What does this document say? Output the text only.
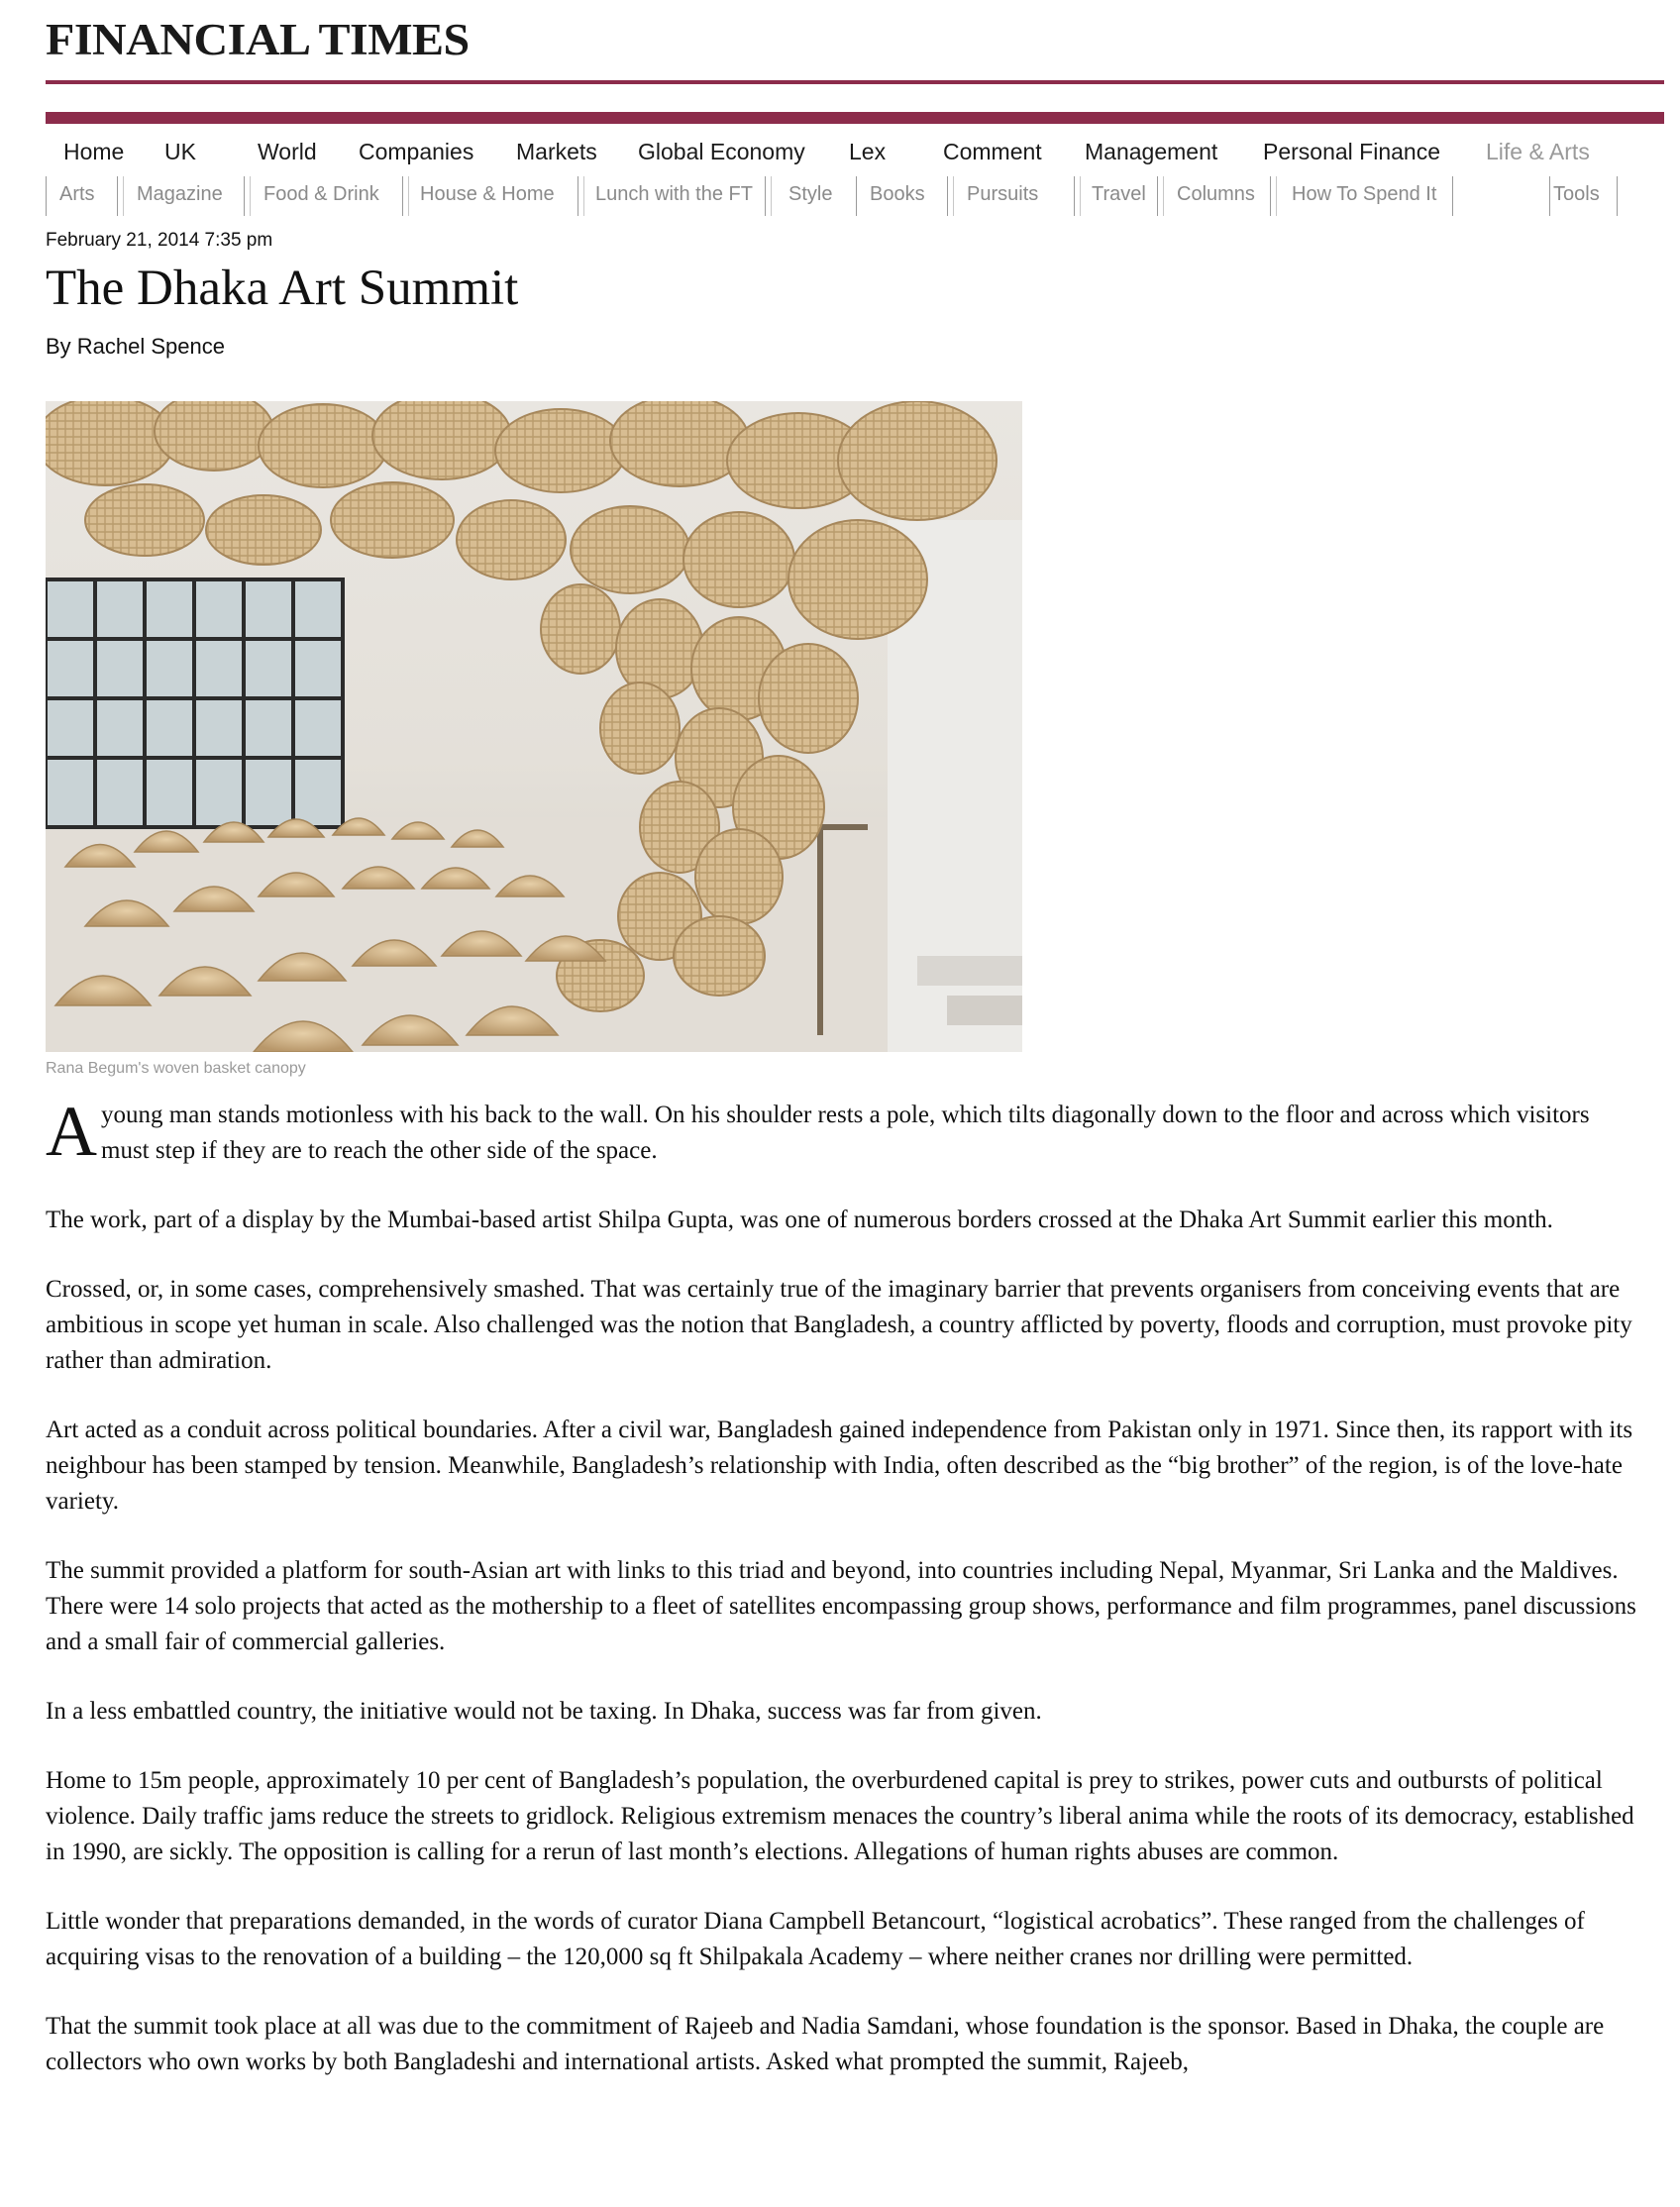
FINANCIAL TIMES
Home UK	World Companies Markets Global Economy Lex	Comment Management Personal Finance Life & Arts
Arts Magazine Food & Drink House & Home Lunch with the FT Style Books Pursuits	Travel Columns How To Spend It	Tools
February 21, 2014 7:35 pm
The Dhaka Art Summit
By Rachel Spence
Rana Begum's woven basket canopy

A young man stands motionless with his back to the wall. On his shoulder rests a pole, which tilts diagonally down to the floor and across which visitors must step if they are to reach the other side of the space.

The work, part of a display by the Mumbai-based artist Shilpa Gupta, was one of numerous borders crossed at the Dhaka Art Summit earlier this month.

Crossed, or, in some cases, comprehensively smashed. That was certainly true of the imaginary barrier that prevents organisers from conceiving events that are ambitious in scope yet human in scale. Also challenged was the notion that Bangladesh, a country afflicted by poverty, floods and corruption, must provoke pity rather than admiration.

Art acted as a conduit across political boundaries. After a civil war, Bangladesh gained independence from Pakistan only in 1971. Since then, its rapport with its neighbour has been stamped by tension. Meanwhile, Bangladesh’s relationship with India, often described as the “big brother” of the region, is of the love-hate variety.

The summit provided a platform for south-Asian art with links to this triad and beyond, into countries including Nepal, Myanmar, Sri Lanka and the Maldives. There were 14 solo projects that acted as the mothership to a fleet of satellites encompassing group shows, performance and film programmes, panel discussions and a small fair of commercial galleries.

In a less embattled country, the initiative would not be taxing. In Dhaka, success was far from given.

Home to 15m people, approximately 10 per cent of Bangladesh’s population, the overburdened capital is prey to strikes, power cuts and outbursts of political violence. Daily traffic jams reduce the streets to gridlock. Religious extremism menaces the country’s liberal anima while the roots of its democracy, established in 1990, are sickly. The opposition is calling for a rerun of last month’s elections. Allegations of human rights abuses are common.

Little wonder that preparations demanded, in the words of curator Diana Campbell Betancourt, “logistical acrobatics”. These ranged from the challenges of acquiring visas to the renovation of a building – the 120,000 sq ft Shilpakala Academy – where neither cranes nor drilling were permitted.

That the summit took place at all was due to the commitment of Rajeeb and Nadia Samdani, whose foundation is the sponsor. Based in Dhaka, the couple are collectors who own works by both Bangladeshi and international artists. Asked what prompted the summit, Rajeeb,
